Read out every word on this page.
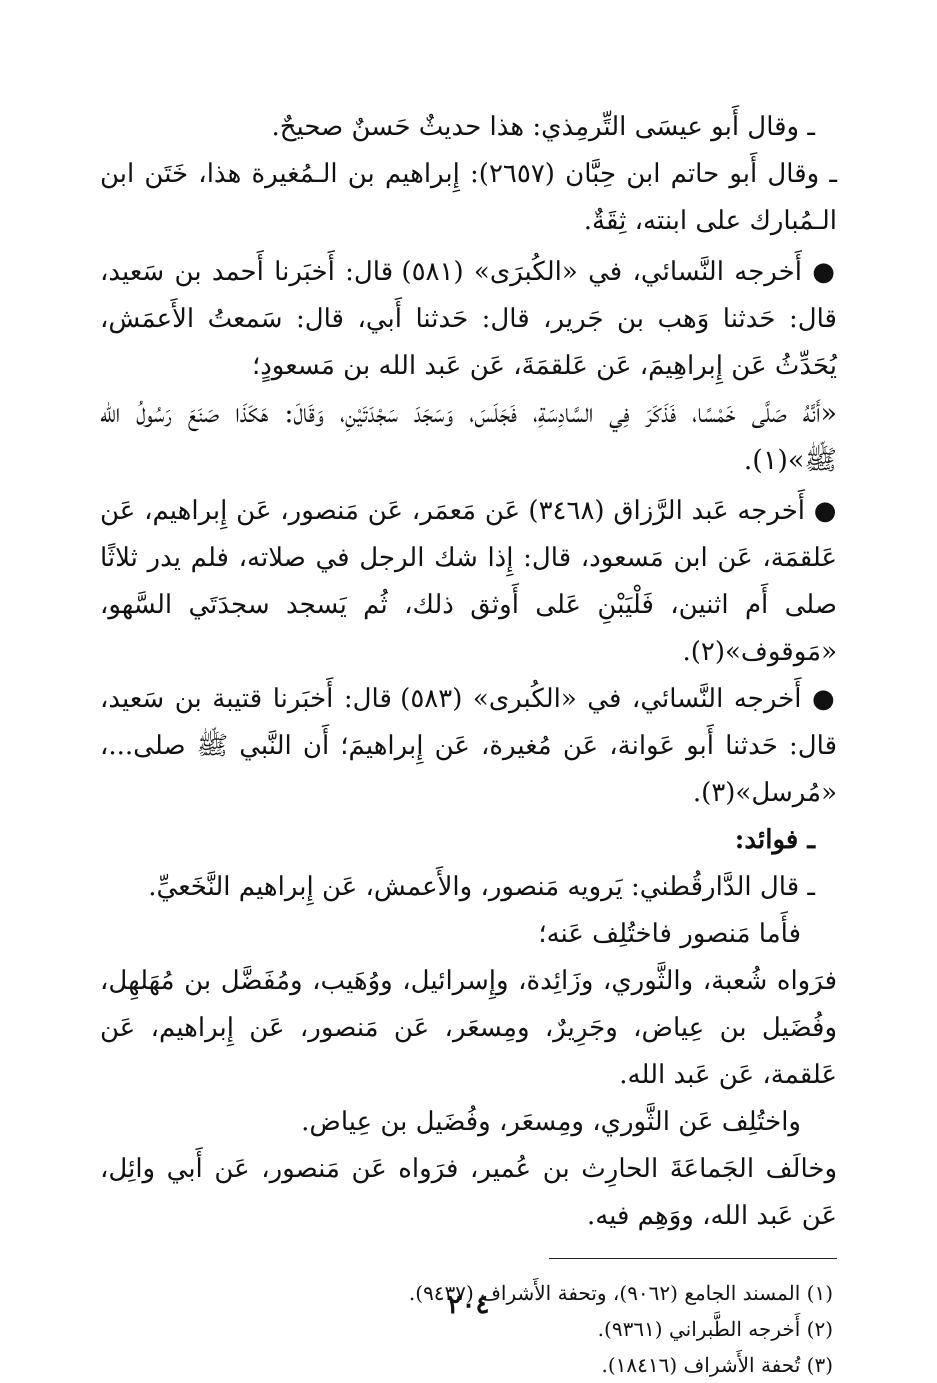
ـ وقال أَبو عيسَى التِّرمِذي: هذا حديثٌ حَسنٌ صحيحٌ.

ـ وقال أَبو حاتم ابن حِبَّان (٢٦٥٧): إِبراهيم بن الـمُغيرة هذا، خَتَن ابن الـمُبارك على ابنته، ثِقَةٌ.

● أَخرجه النَّسائي، في «الكُبرَى» (٥٨١) قال: أَخبَرنا أَحمد بن سَعيد، قال: حَدثنا وَهب بن جَرير، قال: حَدثنا أَبي، قال: سَمعتُ الأَعمَش، يُحَدِّثُ عَن إِبراهِيمَ، عَن عَلقمَةَ، عَن عَبد الله بن مَسعودٍ؛

«أَنَّهُ صَلَّى خَمْسًا، فَذَكَرَ فِي السَّادِسَةِ، فَجَلَسَ، وَسَجَدَ سَجْدَتَيْنِ، وَقَالَ: هَكَذَا صَنَعَ رَسُولُ الله ﷺ»(١).

● أَخرجه عَبد الرَّزاق (٣٤٦٨) عَن مَعمَر، عَن مَنصور، عَن إِبراهيم، عَن عَلقمَة، عَن ابن مَسعود، قال: إِذا شك الرجل في صلاته، فلم يدر ثلاثًا صلى أَم اثنين، فَلْيَبْنِ عَلى أَوثق ذلك، ثُم يَسجد سجدَتَي السَّهو، «مَوقوف»(٢).

● أَخرجه النَّسائي، في «الكُبرى» (٥٨٣) قال: أَخبَرنا قتيبة بن سَعيد، قال: حَدثنا أَبو عَوانة، عَن مُغيرة، عَن إِبراهيمَ؛ أَن النَّبي ﷺ صلى...، «مُرسل»(٣).

ـ فوائد:

ـ قال الدَّارقُطني: يَرويه مَنصور، والأَعمش، عَن إِبراهيم النَّخَعيِّ.

فأَما مَنصور فاختُلِف عَنه؛

فرَواه شُعبة، والثَّوري، وزَائِدة، وإِسرائيل، ووُهَيب، ومُفَضَّل بن مُهَلهِل، وفُضَيل بن عِياض، وجَرِيرٌ، ومِسعَر، عَن مَنصور، عَن إِبراهيم، عَن عَلقمة، عَن عَبد الله.

واختُلِف عَن الثَّوري، ومِسعَر، وفُضَيل بن عِياض.

وخالَف الجَماعَةَ الحارِث بن عُمير، فرَواه عَن مَنصور، عَن أَبي وائِل، عَن عَبد الله، ووَهِم فيه.

(١) المسند الجامع (٩٠٦٢)، وتحفة الأَشراف (٩٤٣٧).

(٢) أَخرجه الطَّبراني (٩٣٦١).

(٣) تُحفة الأَشراف (١٨٤١٦).

٢٠٤
